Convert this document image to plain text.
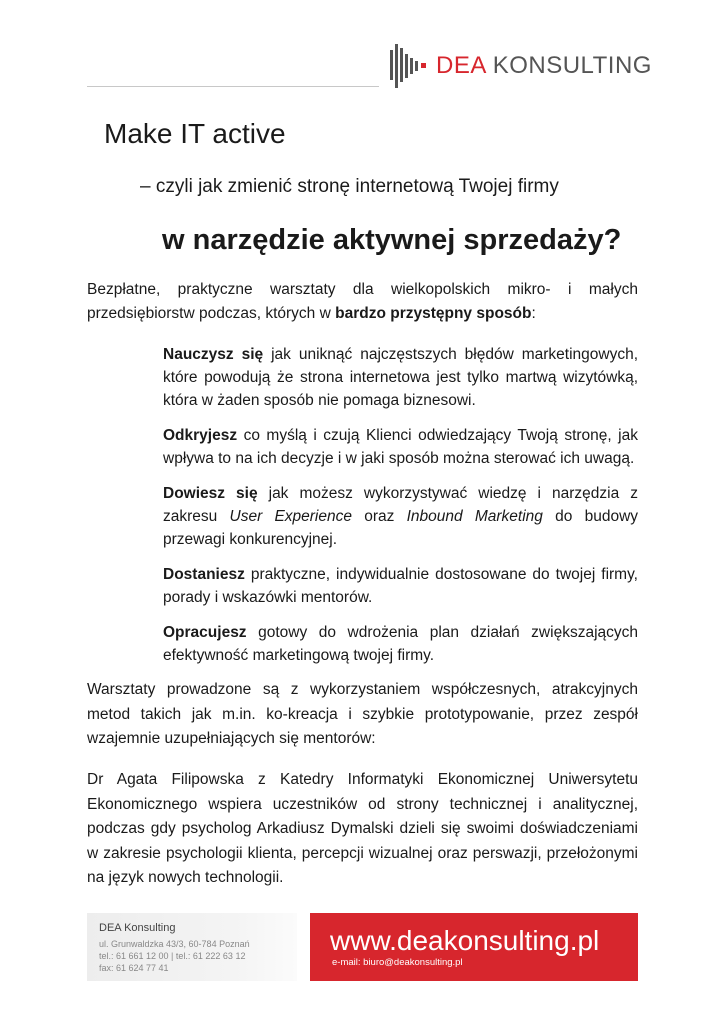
DEA KONSULTING
Make IT active
– czyli jak zmienić stronę internetową Twojej firmy
w narzędzie aktywnej sprzedaży?
Bezpłatne, praktyczne warsztaty dla wielkopolskich mikro- i małych przedsiębiorstw podczas, których w bardzo przystępny sposób:
Nauczysz się jak uniknąć najczęstszych błędów marketingowych, które powodują że strona internetowa jest tylko martwą wizytówką, która w żaden sposób nie pomaga biznesowi.
Odkryjesz co myślą i czują Klienci odwiedzający Twoją stronę, jak wpływa to na ich decyzje i w jaki sposób można sterować ich uwagą.
Dowiesz się jak możesz wykorzystywać wiedzę i narzędzia z zakresu User Experience oraz Inbound Marketing do budowy przewagi konkurencyjnej.
Dostaniesz praktyczne, indywidualnie dostosowane do twojej firmy, porady i wskazówki mentorów.
Opracujesz gotowy do wdrożenia plan działań zwiększających efektywność marketingową twojej firmy.
Warsztaty prowadzone są z wykorzystaniem współczesnych, atrakcyjnych metod takich jak m.in. ko-kreacja i szybkie prototypowanie, przez zespół wzajemnie uzupełniających się mentorów:
Dr Agata Filipowska z Katedry Informatyki Ekonomicznej Uniwersytetu Ekonomicznego wspiera uczestników od strony technicznej i analitycznej, podczas gdy psycholog Arkadiusz Dymalski dzieli się swoimi doświadczeniami w zakresie psychologii klienta, percepcji wizualnej oraz perswazji, przełożonymi na język nowych technologii.
DEA Konsulting
ul. Grunwaldzka 43/3, 60-784 Poznań
tel.: 61 661 12 00 | tel.: 61 222 63 12
fax: 61 624 77 41
www.deakonsulting.pl
e-mail: biuro@deakonsulting.pl
